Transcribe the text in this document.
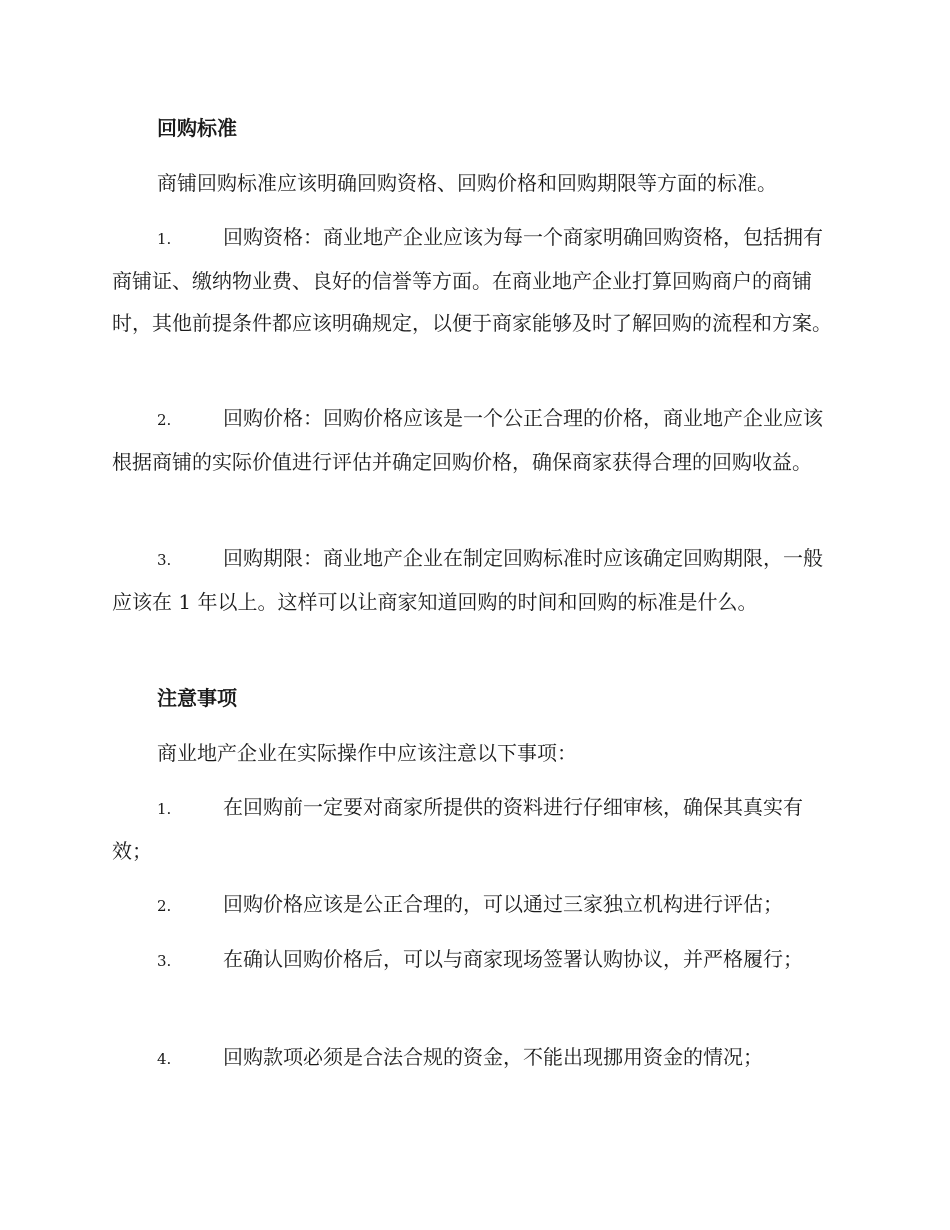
回购标准
商铺回购标准应该明确回购资格、回购价格和回购期限等方面的标准。
1.	回购资格：商业地产企业应该为每一个商家明确回购资格，包括拥有商铺证、缴纳物业费、良好的信誉等方面。在商业地产企业打算回购商户的商铺时，其他前提条件都应该明确规定，以便于商家能够及时了解回购的流程和方案。
2.	回购价格：回购价格应该是一个公正合理的价格，商业地产企业应该根据商铺的实际价值进行评估并确定回购价格，确保商家获得合理的回购收益。
3.	回购期限：商业地产企业在制定回购标准时应该确定回购期限，一般应该在 1 年以上。这样可以让商家知道回购的时间和回购的标准是什么。
注意事项
商业地产企业在实际操作中应该注意以下事项：
1.	在回购前一定要对商家所提供的资料进行仔细审核，确保其真实有效；
2.	回购价格应该是公正合理的，可以通过三家独立机构进行评估；
3.	在确认回购价格后，可以与商家现场签署认购协议，并严格履行；
4.	回购款项必须是合法合规的资金，不能出现挪用资金的情况；
